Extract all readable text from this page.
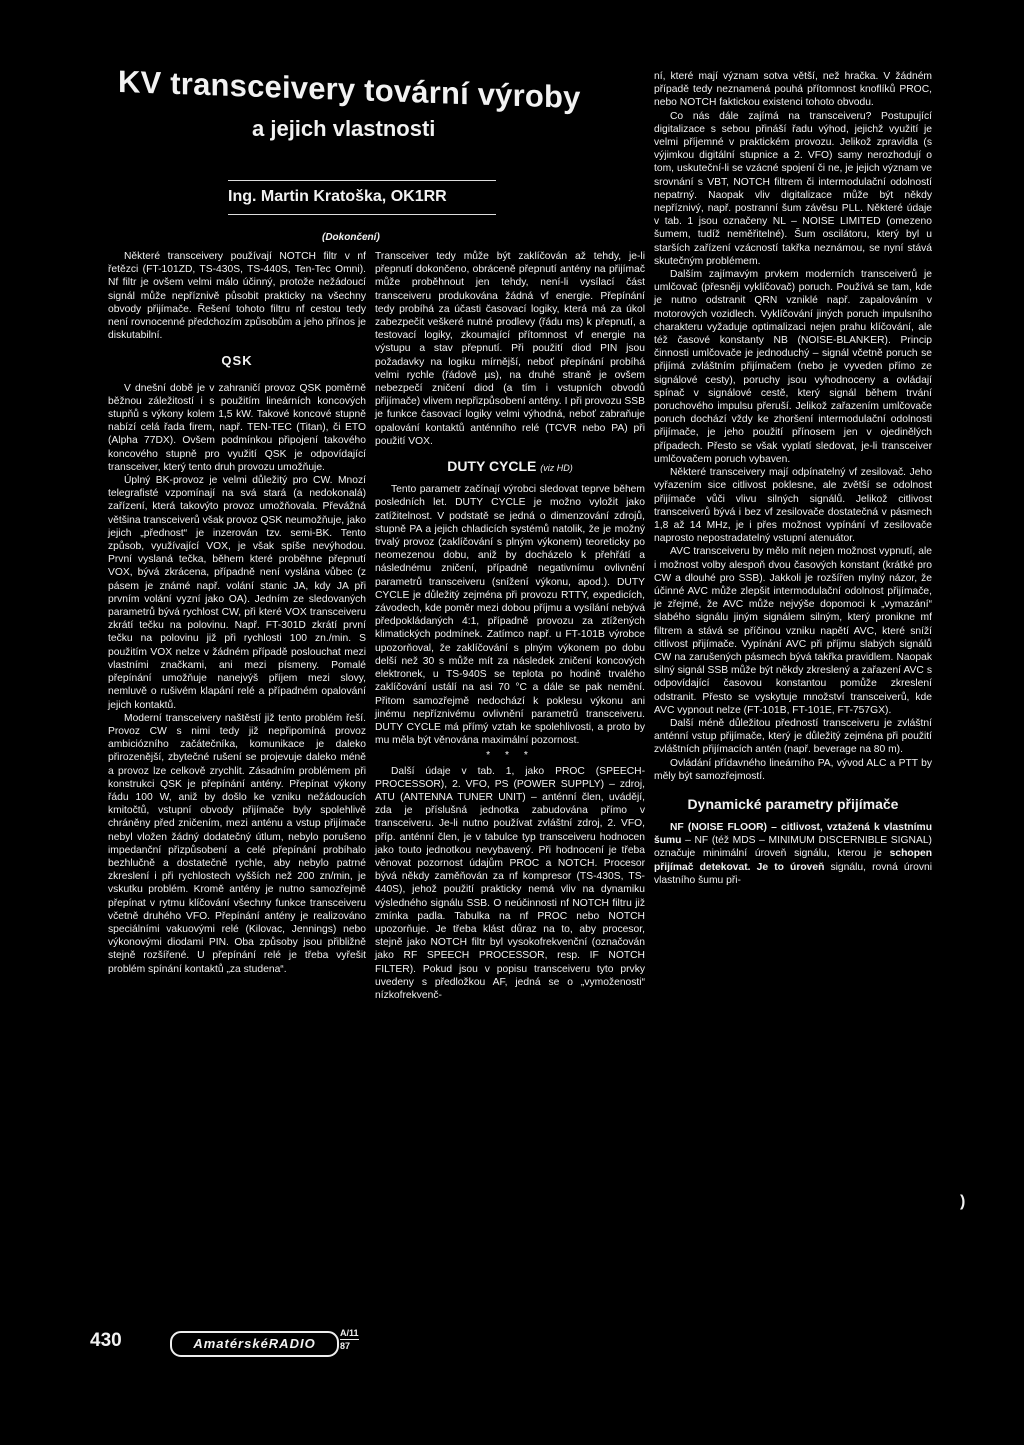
KV transceivery tovární výroby
a jejich vlastnosti
Ing. Martin Kratoška, OK1RR
(Dokončení)

Některé transceivery používají NOTCH filtr v nf řetězci (FT-101ZD, TS-430S, TS-440S, Ten-Tec Omni). Nf filtr je ovšem velmi málo účinný, protože nežádoucí signál může nepříznivě působit prakticky na všechny obvody přijímače. Řešení tohoto filtru nf cestou tedy není rovnocenné předchozím způsobům a jeho přínos je diskutabilní.

QSK

V dnešní době je v zahraničí provoz QSK poměrně běžnou záležitostí i s použitím lineárních koncových stupňů s výkony kolem 1,5 kW. Takové koncové stupně nabízí celá řada firem, např. TEN-TEC (Titan), či ETO (Alpha 77DX). Ovšem podmínkou připojení takového koncového stupně pro využití QSK je odpovídající transceiver, který tento druh provozu umožňuje.

Úplný BK-provoz je velmi důležitý pro CW. Mnozí telegrafisté vzpomínají na svá stará (a nedokonalá) zařízení, která takovýto provoz umožňovala. Převážná většina transceiverů však provoz QSK neumožňuje, jako jejich „přednost“ je inzerován tzv. semi-BK. Tento způsob, využívající VOX, je však spíše nevýhodou. První vyslaná tečka, během které proběhne přepnutí VOX, bývá zkrácena, případně není vyslána vůbec (z pásem je známé např. volání stanic JA, kdy JA při prvním volání vyzní jako OA). Jedním ze sledovaných parametrů bývá rychlost CW, při které VOX transceiveru zkrátí tečku na polovinu. Např. FT-301D zkrátí první tečku na polovinu již při rychlosti 100 zn./min. S použitím VOX nelze v žádném případě poslouchat mezi vlastními značkami, ani mezi písmeny. Pomalé přepínání umožňuje nanejvýš příjem mezi slovy, nemluvě o rušivém klapání relé a případném opalování jejich kontaktů.

Moderní transceivery naštěstí již tento problém řeší. Provoz CW s nimi tedy již nepřipomíná provoz ambiciózního začátečníka, komunikace je daleko přirozenější, zbytečné rušení se projevuje daleko méně a provoz lze celkově zrychlit. Zásadním problémem při konstrukci QSK je přepínání antény. Přepínat výkony řádu 100 W, aniž by došlo ke vzniku nežádoucích kmitočtů, vstupní obvody přijímače byly spolehlivě chráněny před zničením, mezi anténu a vstup přijímače nebyl vložen žádný dodatečný útlum, nebylo porušeno impedanční přizpůsobení a celé přepínání probíhalo bezhlučně a dostatečně rychle, aby nebylo patrné zkreslení i při rychlostech vyšších než 200 zn/min, je vskutku problém. Kromě antény je nutno samozřejmě přepínat v rytmu klíčování všechny funkce transceiveru včetně druhého VFO. Přepínání antény je realizováno speciálními vakuovými relé (Kilovac, Jennings) nebo výkonovými diodami PIN. Oba způsoby jsou přibližně stejně rozšířené. U přepínání relé je třeba vyřešit problém spínání kontaktů „za studena“.

Transceiver tedy může být zaklíčován až tehdy, je-li přepnutí dokončeno, obráceně přepnutí antény na přijímač může proběhnout jen tehdy, není-li vysílací část transceiveru produkována žádná vf energie. Přepínání tedy probíhá za účasti časovací logiky, která má za úkol zabezpečit veškeré nutné prodlevy (řádu ms) k přepnutí, a testovací logiky, zkoumající přítomnost vf energie na výstupu a stav přepnutí. Při použití diod PIN jsou požadavky na logiku mírnější, neboť přepínání probíhá velmi rychle (řádově µs), na druhé straně je ovšem nebezpečí zničení diod (a tím i vstupních obvodů přijímače) vlivem nepřizpůsobení antény. I při provozu SSB je funkce časovací logiky velmi výhodná, neboť zabraňuje opalování kontaktů anténního relé (TCVR nebo PA) při použití VOX.

DUTY CYCLE (viz HD)

Tento parametr začínají výrobci sledovat teprve během posledních let. DUTY CYCLE je možno vyložit jako zatížitelnost. V podstatě se jedná o dimenzování zdrojů, stupně PA a jejich chladicích systémů natolik, že je možný trvalý provoz (zaklíčování s plným výkonem) teoreticky po neomezenou dobu, aniž by docházelo k přehřátí a následnému zničení, případně negativnímu ovlivnění parametrů transceiveru (snížení výkonu, apod.). DUTY CYCLE je důležitý zejména při provozu RTTY, expedicích, závodech, kde poměr mezi dobou příjmu a vysílání nebývá předpokládaných 4:1, případně provozu za ztížených klimatických podmínek. Zatímco např. u FT-101B výrobce upozorňoval, že zaklíčování s plným výkonem po dobu delší než 30 s může mít za následek zničení koncových elektronek, u TS-940S se teplota po hodině trvalého zaklíčování ustálí na asi 70 °C a dále se pak nemění. Přitom samozřejmě nedochází k poklesu výkonu ani jinému nepříznivému ovlivnění parametrů transceiveru. DUTY CYCLE má přímý vztah ke spolehlivosti, a proto by mu měla být věnována maximální pozornost.

* * *

Další údaje v tab. 1, jako PROC (SPEECH-PROCESSOR), 2. VFO, PS (POWER SUPPLY) – zdroj, ATU (ANTENNA TUNER UNIT) – anténní člen, uvádějí, zda je příslušná jednotka zabudována přímo v transceiveru. Je-li nutno používat zvláštní zdroj, 2. VFO, příp. anténní člen, je v tabulce typ transceiveru hodnocen jako touto jednotkou nevybavený. Při hodnocení je třeba věnovat pozornost údajům PROC a NOTCH. Procesor bývá někdy zaměňován za nf kompresor (TS-430S, TS-440S), jehož použití prakticky nemá vliv na dynamiku výsledného signálu SSB. O neúčinnosti nf NOTCH filtru již zmínka padla. Tabulka na nf PROC nebo NOTCH upozorňuje. Je třeba klást důraz na to, aby procesor, stejně jako NOTCH filtr byl vysokofrekvenční (označován jako RF SPEECH PROCESSOR, resp. IF NOTCH FILTER). Pokud jsou v popisu transceiveru tyto prvky uvedeny s předložkou AF, jedná se o „vymoženosti“ nízkofrekvenč-

ní, které mají význam sotva větší, než hračka. V žádném případě tedy neznamená pouhá přítomnost knoflíků PROC, nebo NOTCH faktickou existenci tohoto obvodu.

Co nás dále zajímá na transceiveru? Postupující digitalizace s sebou přináší řadu výhod, jejichž využití je velmi příjemné v praktickém provozu. Jelikož zpravidla (s výjimkou digitální stupnice a 2. VFO) samy nerozhodují o tom, uskuteční-li se vzácné spojení či ne, je jejich význam ve srovnání s VBT, NOTCH filtrem či intermodulační odolností nepatrný. Naopak vliv digitalizace může být někdy nepříznivý, např. postranní šum závěsu PLL. Některé údaje v tab. 1 jsou označeny NL – NOISE LIMITED (omezeno šumem, tudíž neměřitelné). Šum oscilátoru, který byl u starších zařízení vzácností takřka neznámou, se nyní stává skutečným problémem.

Dalším zajímavým prvkem moderních transceiverů je umlčovač (přesněji vyklíčovač) poruch. Používá se tam, kde je nutno odstranit QRN vzniklé např. zapalováním v motorových vozidlech. Vyklíčování jiných poruch impulsního charakteru vyžaduje optimalizaci nejen prahu klíčování, ale též časové konstanty NB (NOISE-BLANKER). Princip činnosti umlčovače je jednoduchý – signál včetně poruch se přijímá zvláštním přijímačem (nebo je vyveden přímo ze signálové cesty), poruchy jsou vyhodnoceny a ovládají spínač v signálové cestě, který signál během trvání poruchového impulsu přeruší. Jelikož zařazením umlčovače poruch dochází vždy ke zhoršení intermodulační odolnosti přijímače, je jeho použití přínosem jen v ojedinělých případech. Přesto se však vyplatí sledovat, je-li transceiver umlčovačem poruch vybaven.

Některé transceivery mají odpínatelný vf zesilovač. Jeho vyřazením sice citlivost poklesne, ale zvětší se odolnost přijímače vůči vlivu silných signálů. Jelikož citlivost transceiverů bývá i bez vf zesilovače dostatečná v pásmech 1,8 až 14 MHz, je i přes možnost vypínání vf zesilovače naprosto nepostradatelný vstupní atenuátor.

AVC transceiveru by mělo mít nejen možnost vypnutí, ale i možnost volby alespoň dvou časových konstant (krátké pro CW a dlouhé pro SSB). Jakkoli je rozšířen mylný názor, že účinné AVC může zlepšit intermodulační odolnost přijímače, je zřejmé, že AVC může nejvýše dopomoci k „vymazání“ slabého signálu jiným signálem silným, který pronikne mf filtrem a stává se příčinou vzniku napětí AVC, které sníží citlivost přijímače. Vypínání AVC při příjmu slabých signálů CW na zarušených pásmech bývá takřka pravidlem. Naopak silný signál SSB může být někdy zkreslený a zařazení AVC s odpovídající časovou konstantou pomůže zkreslení odstranit. Přesto se vyskytuje množství transceiverů, kde AVC vypnout nelze (FT-101B, FT-101E, FT-757GX).

Další méně důležitou předností transceiveru je zvláštní anténní vstup přijímače, který je důležitý zejména při použití zvláštních přijímacích antén (např. beverage na 80 m).

Ovládání přídavného lineárního PA, vývod ALC a PTT by měly být samozřejmostí.

Dynamické parametry přijímače

NF (NOISE FLOOR) – citlivost, vztažená k vlastnímu šumu – NF (též MDS – MINIMUM DISCERNIBLE SIGNAL) označuje minimální úroveň signálu, kterou je schopen přijímač detekovat. Je to úroveň signálu, rovná úrovni vlastního šumu při-

430	AmatérskéRADIO
A/11
87
)
